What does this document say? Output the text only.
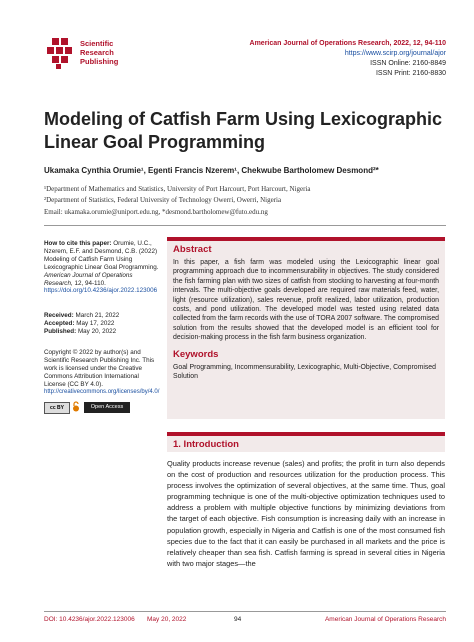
Scientific
Research
Publishing
American Journal of Operations Research, 2022, 12, 94-110
https://www.scirp.org/journal/ajor
ISSN Online: 2160-8849
ISSN Print: 2160-8830
Modeling of Catfish Farm Using Lexicographic
Linear Goal Programming
Ukamaka Cynthia Orumie¹, Egenti Francis Nzerem¹, Chekwube Bartholomew Desmond²*
¹Department of Mathematics and Statistics, University of Port Harcourt, Port Harcourt, Nigeria
²Department of Statistics, Federal University of Technology Owerri, Owerri, Nigeria
Email: ukamaka.orumie@uniport.edu.ng, *desmond.bartholomew@futo.edu.ng
How to cite this paper: Orumie, U.C., Nzerem, E.F. and Desmond, C.B. (2022) Modeling of Catfish Farm Using Lexicographic Linear Goal Programming. American Journal of Operations Research, 12, 94-110.
https://doi.org/10.4236/ajor.2022.123006
Received: March 21, 2022
Accepted: May 17, 2022
Published: May 20, 2022
Copyright © 2022 by author(s) and Scientific Research Publishing Inc. This work is licensed under the Creative Commons Attribution International License (CC BY 4.0).
http://creativecommons.org/licenses/by/4.0/
cc BY	Open Access
Abstract
In this paper, a fish farm was modeled using the Lexicographic linear goal programming approach due to incommensurability in objectives. The study considered the fish farming plan with two sizes of catfish from stocking to harvesting at four-month intervals. The multi-objective goals developed are required raw materials feed, water, light (resource utilization), sales revenue, profit realized, labor utilization, production costs, and pond utilization. The developed model was tested using related data collected from the farm records with the use of TORA 2007 software. The compromised solution from the results showed that the developed model is an efficient tool for decision-making process in the fish farm business organization.
Keywords
Goal Programming, Incommensurability, Lexicographic, Multi-Objective, Compromised Solution
1. Introduction
Quality products increase revenue (sales) and profits; the profit in turn also depends on the cost of production and resources utilization for the production process. This process involves the optimization of several objectives, at the same time. Thus, goal programming technique is one of the multi-objective optimization techniques used to address a problem with multiple objective functions by minimizing deviations from the target of each objective. Fish consumption is increasing daily with an increase in population growth, especially in Nigeria and Catfish is one of the most consumed fish species due to the fact that it can easily be purchased in all markets and the price is relatively cheaper than sea fish. Catfish farming is spread in several cities in Nigeria with two major stages—the
DOI: 10.4236/ajor.2022.123006 May 20, 2022	94	American Journal of Operations Research
